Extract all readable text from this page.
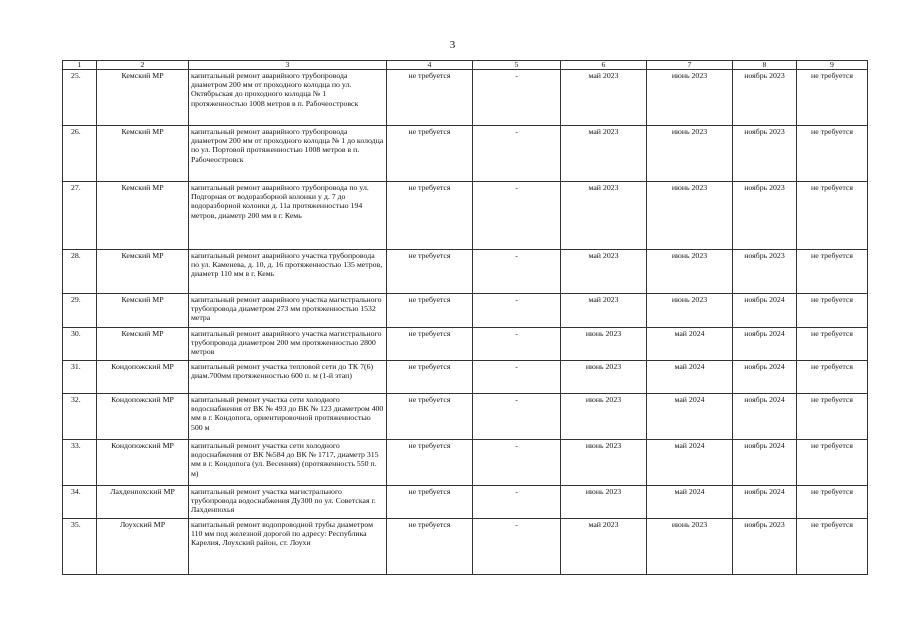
3
1	2	3	4	5	6	7	8	9
25.	Кемский МР	капитальный ремонт аварийного трубопровода диаметром 200 мм от проходного колодца по ул. Октябрьская до проходного колодца № 1 протяженностью 1008 метров в п. Рабочеостровск	не требуется	-	май 2023	июнь 2023	ноябрь 2023	не требуется
26.	Кемский МР	капитальный ремонт аварийного трубопровода диаметром 200 мм от проходного колодца № 1 до колодца по ул. Портовой протяженностью 1008 метров в п. Рабочеостровск	не требуется	-	май 2023	июнь 2023	ноябрь 2023	не требуется
27.	Кемский МР	капитальный ремонт аварийного трубопровода по ул. Подгорная от водоразборной колонки у д. 7 до водоразборной колонки д. 11а протяженностью 194 метров, диаметр 200 мм в г. Кемь	не требуется	-	май 2023	июнь 2023	ноябрь 2023	не требуется
28.	Кемский МР	капитальный ремонт аварийного участка трубопровода по ул. Каменева, д. 10, д. 16 протяженностью 135 метров, диаметр 110 мм в г. Кемь	не требуется	-	май 2023	июнь 2023	ноябрь 2023	не требуется
29.	Кемский МР	капитальный ремонт аварийного участка магистрального трубопровода диаметром 273 мм протяженностью 1532 метра	не требуется	-	май 2023	июнь 2023	ноябрь 2024	не требуется
30.	Кемский МР	капитальный ремонт аварийного участка магистрального трубопровода диаметром 200 мм протяженностью 2800 метров	не требуется	-	июнь 2023	май 2024	ноябрь 2024	не требуется
31.	Кондопожский МР	капитальный ремонт участка тепловой сети до ТК 7(6) диам.700мм протяженностью 600 п. м (1-й этап)	не требуется	-	июнь 2023	май 2024	ноябрь 2024	не требуется
32.	Кондопожский МР	капитальный ремонт участка сети холодного водоснабжения от ВК № 493 до ВК № 123 диаметром 400 мм в г. Кондопога, ориентировочной протяженностью 500 м	не требуется	-	июнь 2023	май 2024	ноябрь 2024	не требуется
33.	Кондопожский МР	капитальный ремонт участка сети холодного водоснабжения от ВК №584 до ВК № 1717, диаметр 315 мм в г. Кондопога (ул. Весенняя) (протяженность 550 п. м)	не требуется	-	июнь 2023	май 2024	ноябрь 2024	не требуется
34.	Лахденпохский МР	капитальный ремонт участка магистрального трубопровода водоснабжения Ду300 по ул. Советская г. Лахденпохья	не требуется	-	июнь 2023	май 2024	ноябрь 2024	не требуется
35.	Лоухский МР	капитальный ремонт водопроводной трубы диаметром 110 мм под железной дорогой по адресу: Республика Карелия, Лоухский район, ст. Лоухи	не требуется	-	май 2023	июнь 2023	ноябрь 2023	не требуется
